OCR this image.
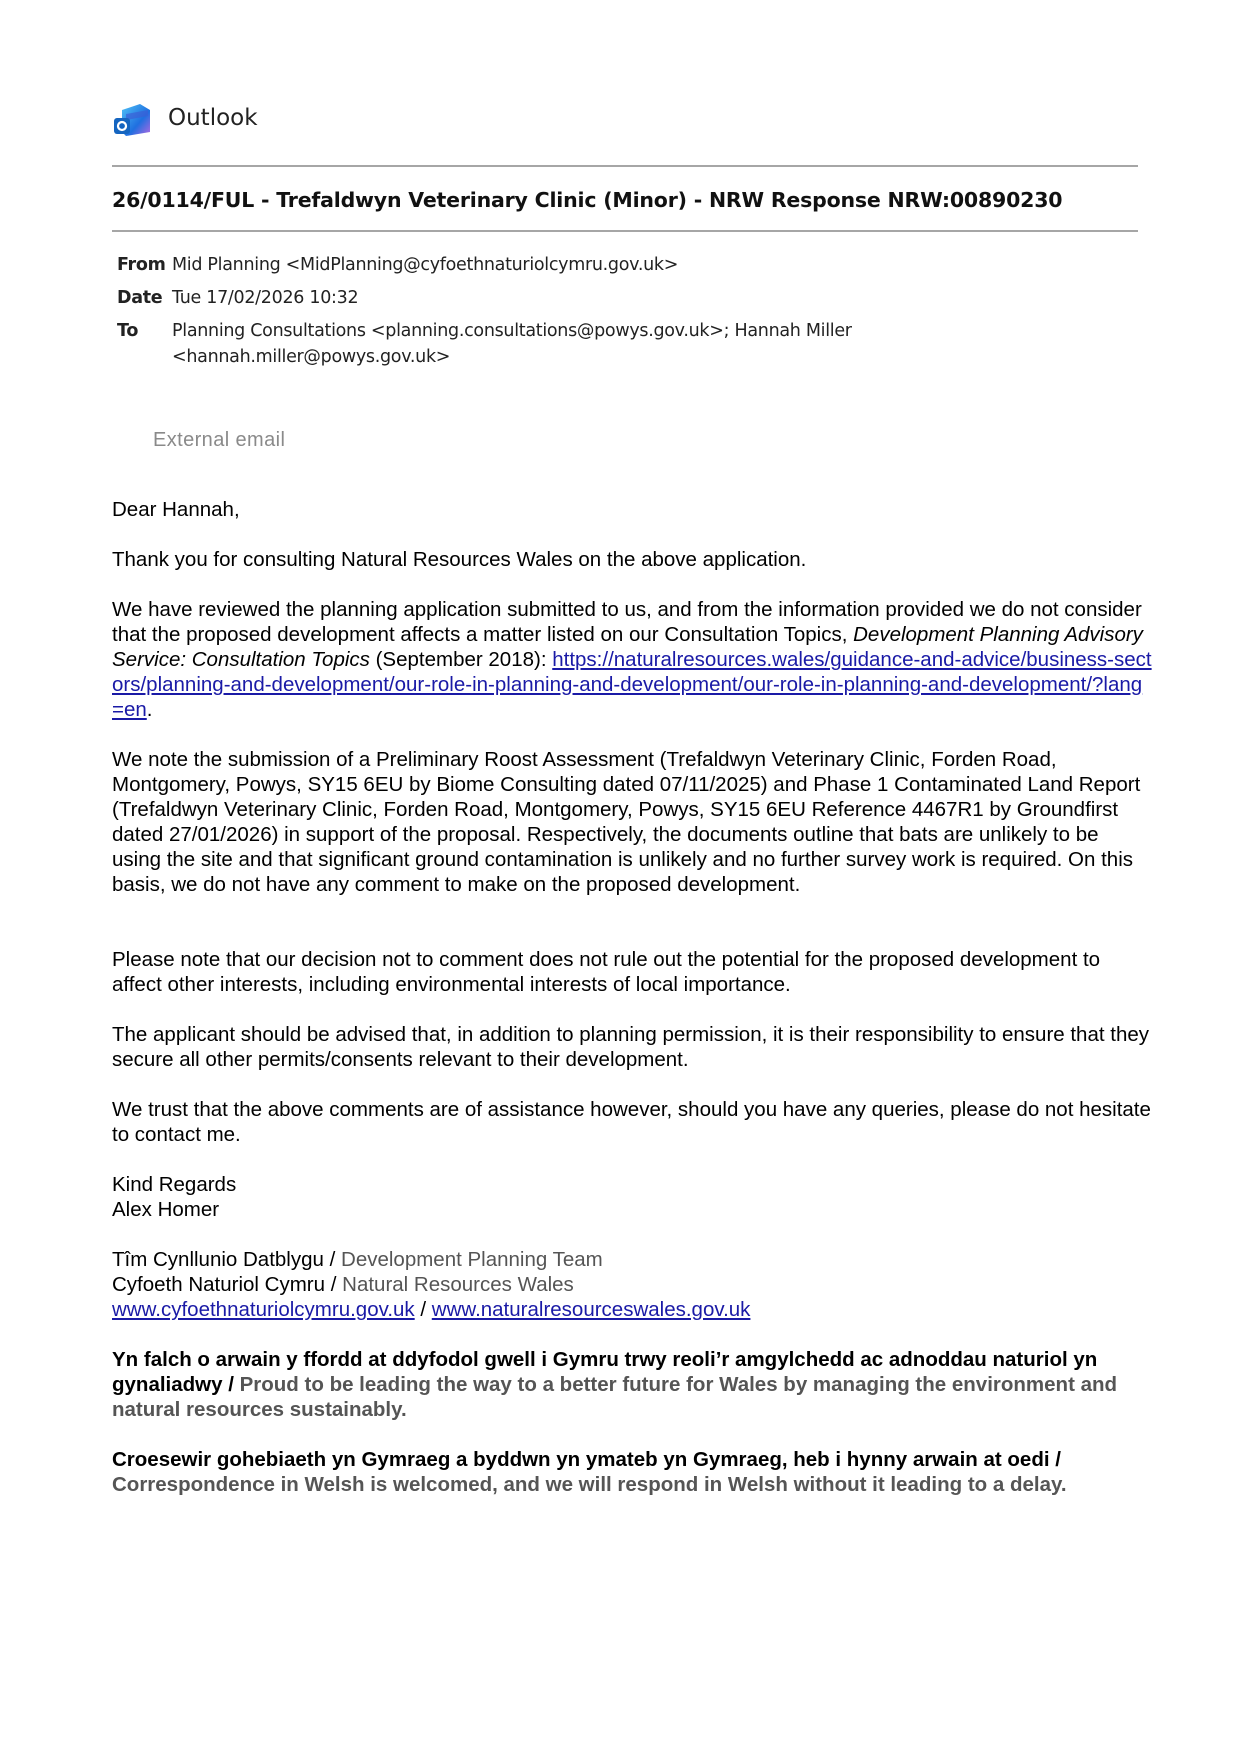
Outlook
26/0114/FUL - Trefaldwyn Veterinary Clinic (Minor) - NRW Response NRW:00890230
From Mid Planning <MidPlanning@cyfoethnaturiolcymru.gov.uk>
Date Tue 17/02/2026 10:32
To Planning Consultations <planning.consultations@powys.gov.uk>; Hannah Miller
<hannah.miller@powys.gov.uk>
External email
Dear Hannah,
Thank you for consulting Natural Resources Wales on the above application.
We have reviewed the planning application submitted to us, and from the information provided we do not consider that the proposed development affects a matter listed on our Consultation Topics, Development Planning Advisory Service: Consultation Topics (September 2018): https://naturalresources.wales/guidance-and-advice/business-sectors/planning-and-development/our-role-in-planning-and-development/our-role-in-planning-and-development/?lang=en.
We note the submission of a Preliminary Roost Assessment (Trefaldwyn Veterinary Clinic, Forden Road, Montgomery, Powys, SY15 6EU by Biome Consulting dated 07/11/2025) and Phase 1 Contaminated Land Report (Trefaldwyn Veterinary Clinic, Forden Road, Montgomery, Powys, SY15 6EU Reference 4467R1 by Groundfirst dated 27/01/2026) in support of the proposal. Respectively, the documents outline that bats are unlikely to be using the site and that significant ground contamination is unlikely and no further survey work is required. On this basis, we do not have any comment to make on the proposed development.
Please note that our decision not to comment does not rule out the potential for the proposed development to affect other interests, including environmental interests of local importance.
The applicant should be advised that, in addition to planning permission, it is their responsibility to ensure that they secure all other permits/consents relevant to their development.
We trust that the above comments are of assistance however, should you have any queries, please do not hesitate to contact me.
Kind Regards
Alex Homer
Tîm Cynllunio Datblygu / Development Planning Team
Cyfoeth Naturiol Cymru / Natural Resources Wales
www.cyfoethnaturiolcymru.gov.uk / www.naturalresourceswales.gov.uk
Yn falch o arwain y ffordd at ddyfodol gwell i Gymru trwy reoli’r amgylchedd ac adnoddau naturiol yn gynaliadwy / Proud to be leading the way to a better future for Wales by managing the environment and natural resources sustainably.
Croesewir gohebiaeth yn Gymraeg a byddwn yn ymateb yn Gymraeg, heb i hynny arwain at oedi / Correspondence in Welsh is welcomed, and we will respond in Welsh without it leading to a delay.
